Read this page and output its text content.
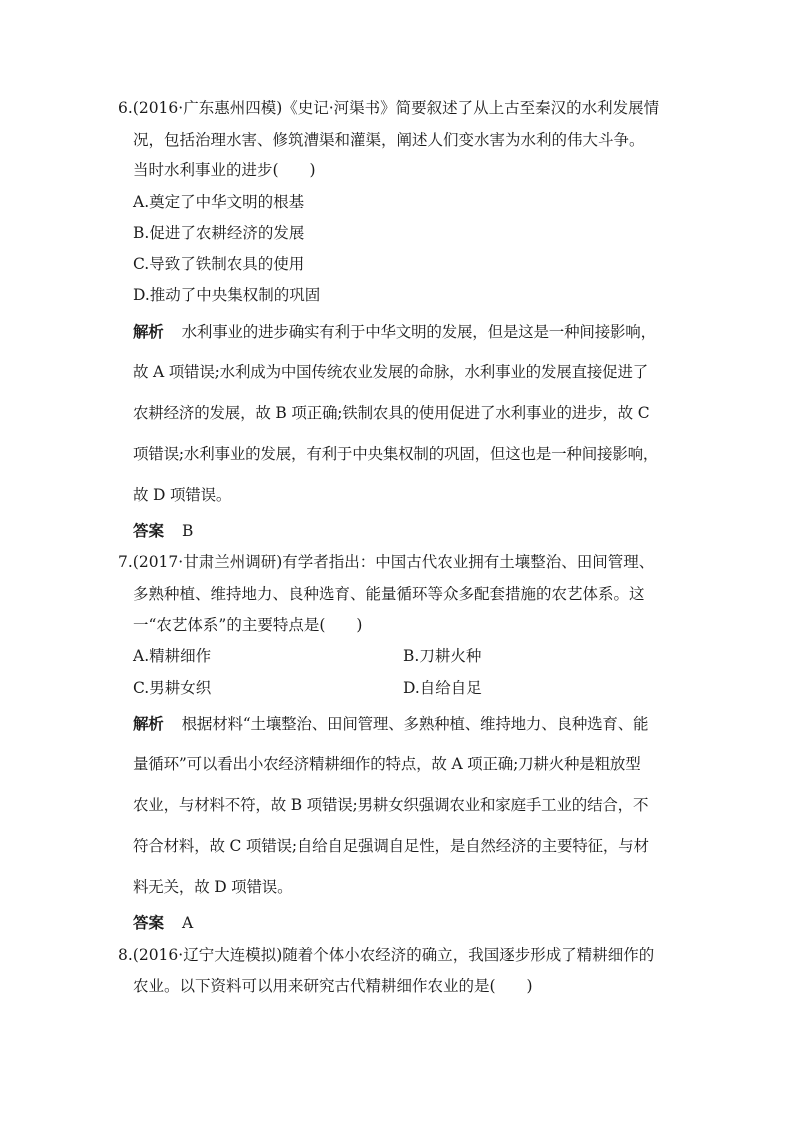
6.(2016·广东惠州四模)《史记·河渠书》简要叙述了从上古至秦汉的水利发展情
况，包括治理水害、修筑漕渠和灌渠，阐述人们变水害为水利的伟大斗争。
当时水利事业的进步(　　)
A.奠定了中华文明的根基
B.促进了农耕经济的发展
C.导致了铁制农具的使用
D.推动了中央集权制的巩固
解析 水利事业的进步确实有利于中华文明的发展，但是这是一种间接影响，
故 A 项错误;水利成为中国传统农业发展的命脉，水利事业的发展直接促进了
农耕经济的发展，故 B 项正确;铁制农具的使用促进了水利事业的进步，故 C
项错误;水利事业的发展，有利于中央集权制的巩固，但这也是一种间接影响，
故 D 项错误。
答案 B
7.(2017·甘肃兰州调研)有学者指出：中国古代农业拥有土壤整治、田间管理、
多熟种植、维持地力、良种选育、能量循环等众多配套措施的农艺体系。这
一“农艺体系”的主要特点是(　　)
A.精耕细作	B.刀耕火种
C.男耕女织	D.自给自足
解析 根据材料“土壤整治、田间管理、多熟种植、维持地力、良种选育、能
量循环”可以看出小农经济精耕细作的特点，故 A 项正确;刀耕火种是粗放型
农业，与材料不符，故 B 项错误;男耕女织强调农业和家庭手工业的结合，不
符合材料，故 C 项错误;自给自足强调自足性，是自然经济的主要特征，与材
料无关，故 D 项错误。
答案 A
8.(2016·辽宁大连模拟)随着个体小农经济的确立，我国逐步形成了精耕细作的
农业。以下资料可以用来研究古代精耕细作农业的是(　　)
